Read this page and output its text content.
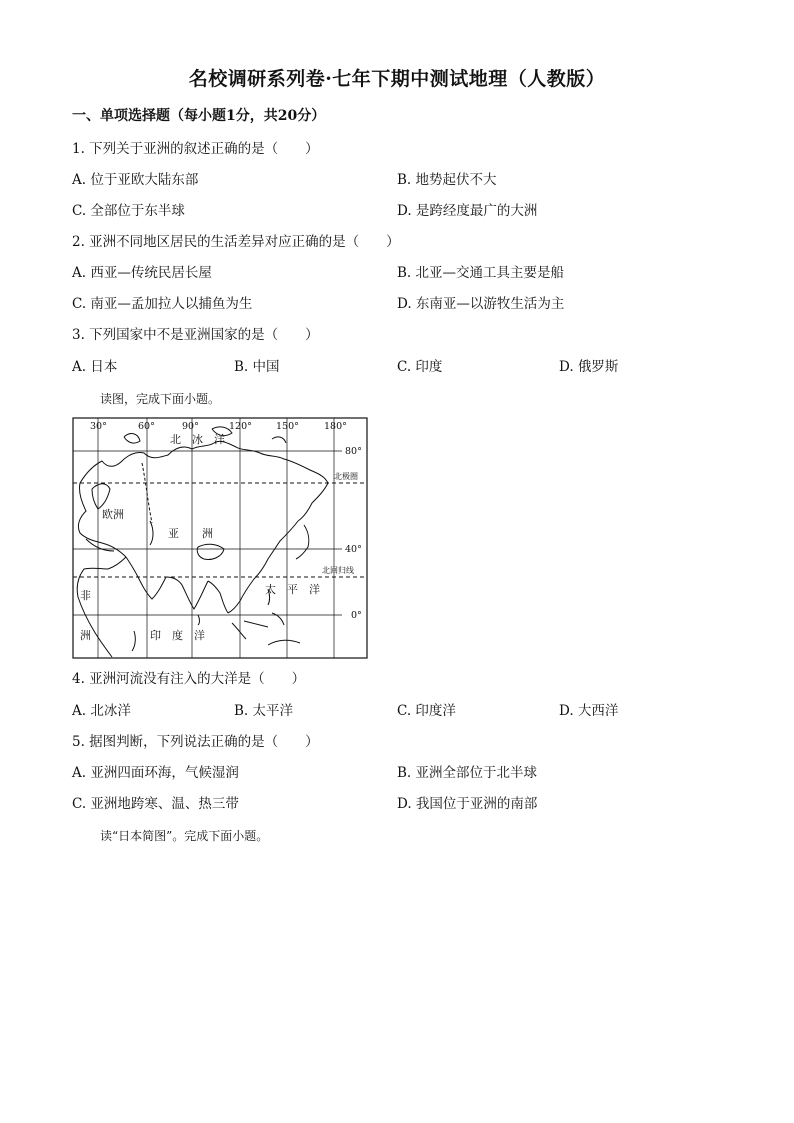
名校调研系列卷·七年下期中测试地理（人教版）
一、单项选择题（每小题1分，共20分）
1. 下列关于亚洲的叙述正确的是（　　）
A. 位于亚欧大陆东部	B. 地势起伏不大
C. 全部位于东半球	D. 是跨经度最广的大洲
2. 亚洲不同地区居民的生活差异对应正确的是（　　）
A. 西亚—传统民居长屋	B. 北亚—交通工具主要是船
C. 南亚—孟加拉人以捕鱼为生	D. 东南亚—以游牧生活为主
3. 下列国家中不是亚洲国家的是（　　）
A. 日本	B. 中国	C. 印度	D. 俄罗斯
读图，完成下面小题。
30°	60°	90°	120°	150°	180°
80°
40°
0°
北极圈
北回归线
北　冰　洋
欧洲
亚 洲
非
洲
太　平　洋
印　度　洋
4. 亚洲河流没有注入的大洋是（　　）
A. 北冰洋	B. 太平洋	C. 印度洋	D. 大西洋
5. 据图判断，下列说法正确的是（　　）
A. 亚洲四面环海，气候湿润	B. 亚洲全部位于北半球
C. 亚洲地跨寒、温、热三带	D. 我国位于亚洲的南部
读“日本简图”。完成下面小题。
